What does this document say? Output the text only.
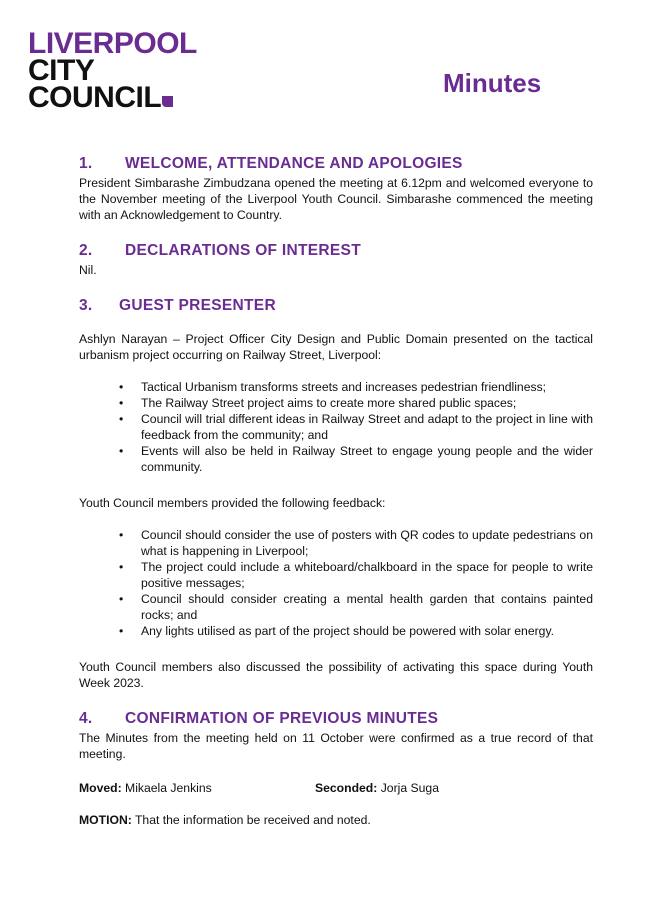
LIVERPOOL
CITY
COUNCIL	Minutes
1.	WELCOME, ATTENDANCE AND APOLOGIES

President Simbarashe Zimbudzana opened the meeting at 6.12pm and welcomed everyone to the November meeting of the Liverpool Youth Council. Simbarashe commenced the meeting with an Acknowledgement to Country.

2.	DECLARATIONS OF INTEREST

Nil.

3.	GUEST PRESENTER

Ashlyn Narayan – Project Officer City Design and Public Domain presented on the tactical urbanism project occurring on Railway Street, Liverpool:

• Tactical Urbanism transforms streets and increases pedestrian friendliness;
• The Railway Street project aims to create more shared public spaces;
• Council will trial different ideas in Railway Street and adapt to the project in line with feedback from the community; and
• Events will also be held in Railway Street to engage young people and the wider community.

Youth Council members provided the following feedback:

• Council should consider the use of posters with QR codes to update pedestrians on what is happening in Liverpool;
• The project could include a whiteboard/chalkboard in the space for people to write positive messages;
• Council should consider creating a mental health garden that contains painted rocks; and
• Any lights utilised as part of the project should be powered with solar energy.

Youth Council members also discussed the possibility of activating this space during Youth Week 2023.

4.	CONFIRMATION OF PREVIOUS MINUTES

The Minutes from the meeting held on 11 October were confirmed as a true record of that meeting.

Moved: Mikaela Jenkins	Seconded: Jorja Suga

MOTION: That the information be received and noted.
